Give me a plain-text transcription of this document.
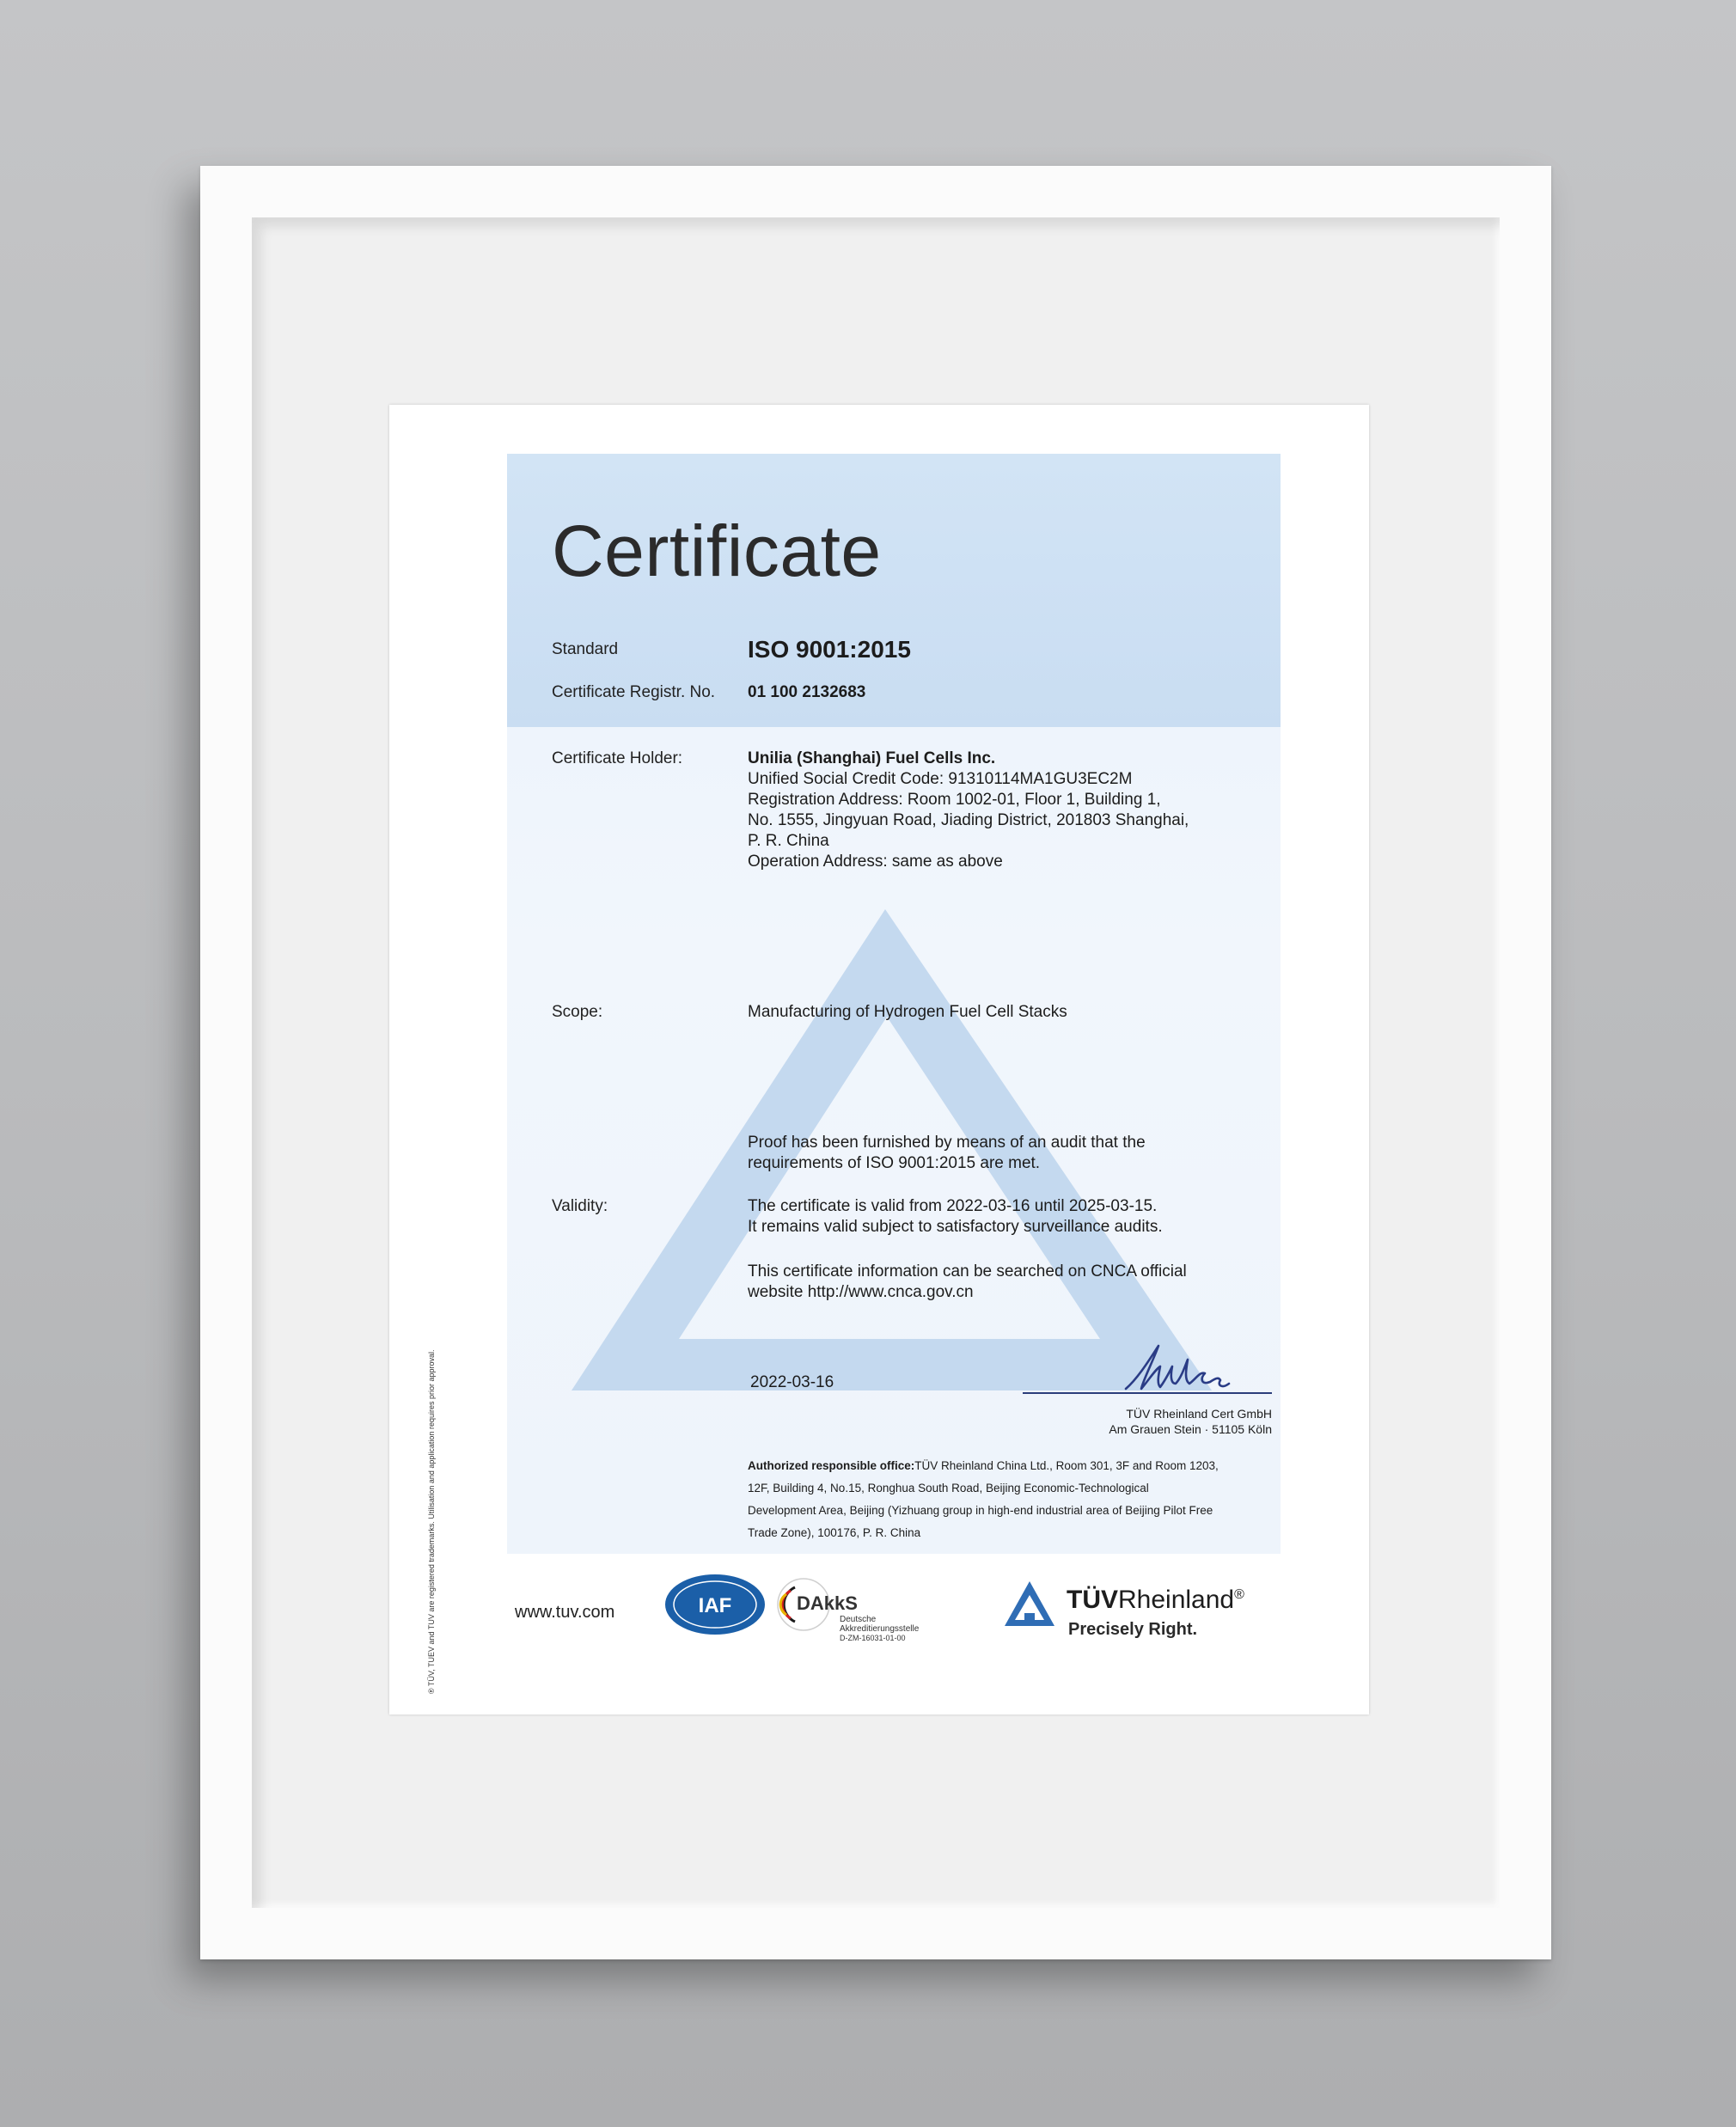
® TÜV, TUEV and TUV are registered trademarks. Utilisation and application requires prior approval.
Certificate
Standard	ISO 9001:2015
Certificate Registr. No. 01 100 2132683
Certificate Holder:	Unilia (Shanghai) Fuel Cells Inc.
Unified Social Credit Code: 91310114MA1GU3EC2M
Registration Address: Room 1002-01, Floor 1, Building 1,
No. 1555, Jingyuan Road, Jiading District, 201803 Shanghai,
P. R. China
Operation Address: same as above
Scope:	Manufacturing of Hydrogen Fuel Cell Stacks
Proof has been furnished by means of an audit that the
requirements of ISO 9001:2015 are met.
Validity:	The certificate is valid from 2022-03-16 until 2025-03-15.
It remains valid subject to satisfactory surveillance audits.
This certificate information can be searched on CNCA official
website http://www.cnca.gov.cn
2022-03-16
TÜV Rheinland Cert GmbH
Am Grauen Stein · 51105 Köln
Authorized responsible office:TÜV Rheinland China Ltd., Room 301, 3F and Room 1203,
12F, Building 4, No.15, Ronghua South Road, Beijing Economic-Technological
Development Area, Beijing (Yizhuang group in high-end industrial area of Beijing Pilot Free
Trade Zone), 100176, P. R. China
www.tuv.com	IAF	DAkkS
Deutsche
Akkreditierungsstelle
D-ZM-16031-01-00
TÜVRheinland®
Precisely Right.
